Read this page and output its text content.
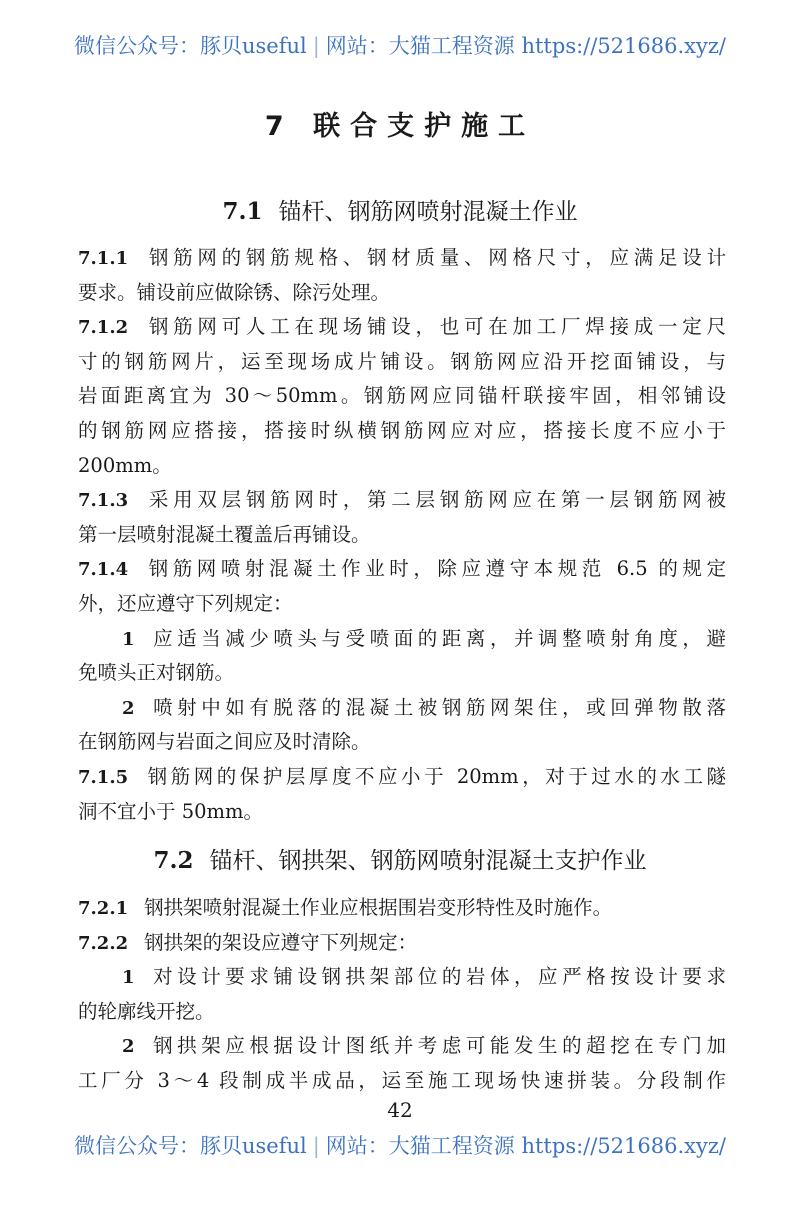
微信公众号：豚贝useful | 网站：大猫工程资源 https://521686.xyz/
7 联合支护施工
7.1 锚杆、钢筋网喷射混凝土作业
7.1.1 钢筋网的钢筋规格、钢材质量、网格尺寸，应满足设计
要求。铺设前应做除锈、除污处理。
7.1.2 钢筋网可人工在现场铺设，也可在加工厂焊接成一定尺
寸的钢筋网片，运至现场成片铺设。钢筋网应沿开挖面铺设，与
岩面距离宜为 30～50mm。钢筋网应同锚杆联接牢固，相邻铺设
的钢筋网应搭接，搭接时纵横钢筋网应对应，搭接长度不应小于
200mm。
7.1.3 采用双层钢筋网时，第二层钢筋网应在第一层钢筋网被
第一层喷射混凝土覆盖后再铺设。
7.1.4 钢筋网喷射混凝土作业时，除应遵守本规范 6.5 的规定
外，还应遵守下列规定：
1 应适当减少喷头与受喷面的距离，并调整喷射角度，避
免喷头正对钢筋。
2 喷射中如有脱落的混凝土被钢筋网架住，或回弹物散落
在钢筋网与岩面之间应及时清除。
7.1.5 钢筋网的保护层厚度不应小于 20mm，对于过水的水工隧
洞不宜小于 50mm。
7.2 锚杆、钢拱架、钢筋网喷射混凝土支护作业
7.2.1 钢拱架喷射混凝土作业应根据围岩变形特性及时施作。
7.2.2 钢拱架的架设应遵守下列规定：
1 对设计要求铺设钢拱架部位的岩体，应严格按设计要求
的轮廓线开挖。
2 钢拱架应根据设计图纸并考虑可能发生的超挖在专门加
工厂分 3～4 段制成半成品，运至施工现场快速拼装。分段制作
42
微信公众号：豚贝useful | 网站：大猫工程资源 https://521686.xyz/
